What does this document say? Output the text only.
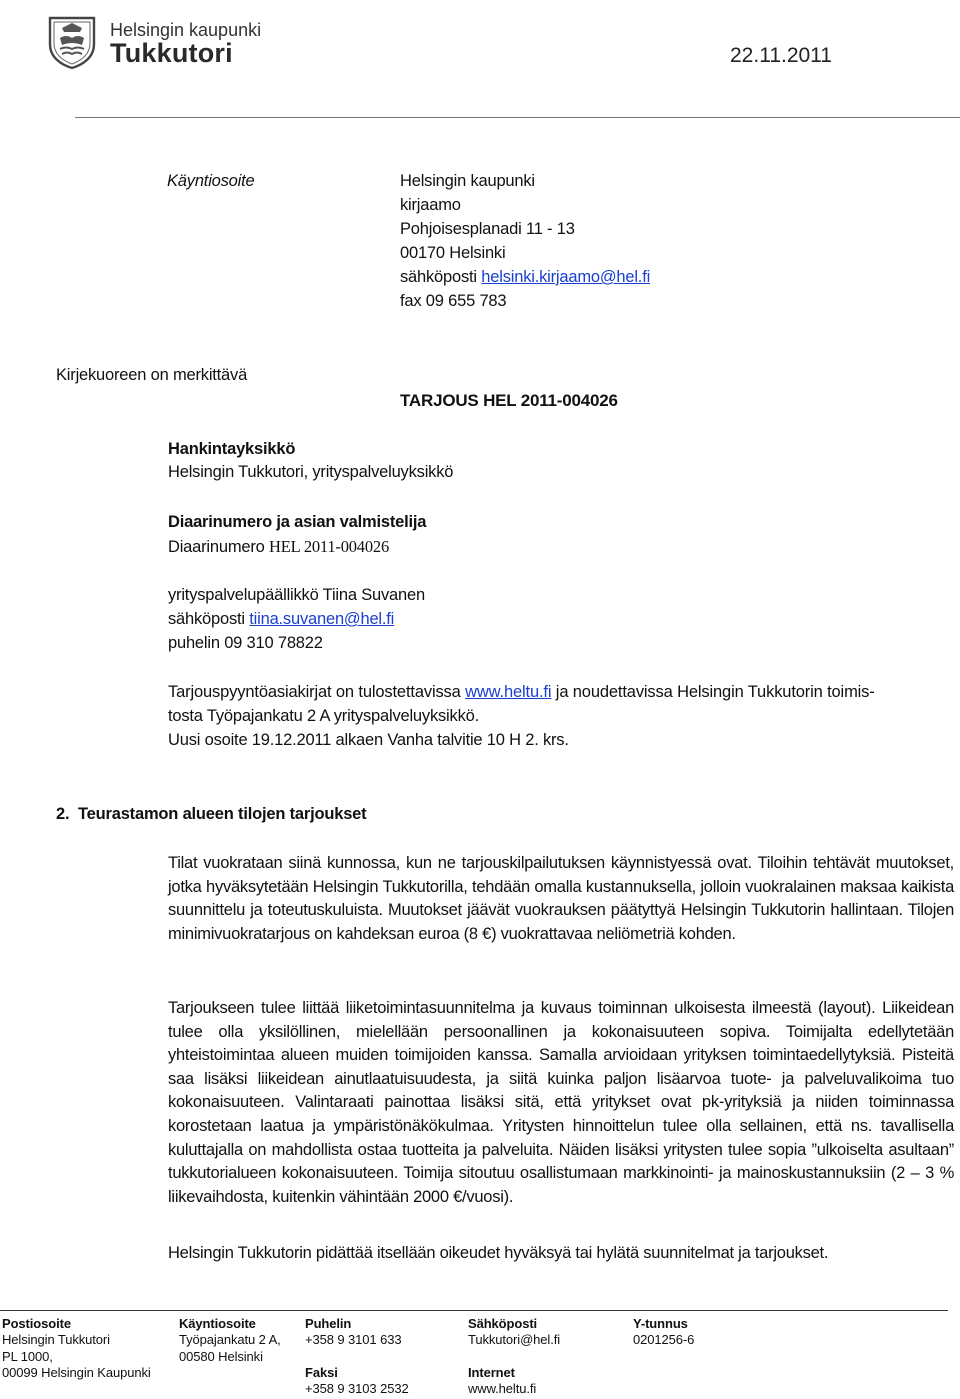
Helsingin kaupunki
Tukkutori	22.11.2011
Käyntiosoite	Helsingin kaupunki
kirjaamo
Pohjoisesplanadi 11 - 13
00170 Helsinki
sähköposti helsinki.kirjaamo@hel.fi
fax 09 655 783
Kirjekuoreen on merkittävä
TARJOUS HEL 2011-004026
Hankintayksikkö
Helsingin Tukkutori, yrityspalveluyksikkö
Diaarinumero ja asian valmistelija
Diaarinumero HEL 2011-004026
yrityspalvelupäällikkö Tiina Suvanen
sähköposti tiina.suvanen@hel.fi
puhelin 09 310 78822
Tarjouspyyntöasiakirjat on tulostettavissa www.heltu.fi ja noudettavissa Helsingin Tukkutorin toimis-
tosta Työpajankatu 2 A yrityspalveluyksikkö.
Uusi osoite 19.12.2011 alkaen Vanha talvitie 10 H 2. krs.
2. Teurastamon alueen tilojen tarjoukset
Tilat vuokrataan siinä kunnossa, kun ne tarjouskilpailutuksen käynnistyessä ovat. Tiloihin tehtävät muutokset, jotka hyväksytetään Helsingin Tukkutorilla, tehdään omalla kustannuksella, jolloin vuokralainen maksaa kaikista suunnittelu ja toteutuskuluista. Muutokset jäävät vuokrauksen päätyttyä Helsingin Tukkutorin hallintaan. Tilojen minimivuokratarjous on kahdeksan euroa (8 €) vuokrattavaa neliömetriä kohden.
Tarjoukseen tulee liittää liiketoimintasuunnitelma ja kuvaus toiminnan ulkoisesta ilmeestä (layout). Liikeidean tulee olla yksilöllinen, mielellään persoonallinen ja kokonaisuuteen sopiva. Toimijalta edellytetään yhteistoimintaa alueen muiden toimijoiden kanssa. Samalla arvioidaan yrityksen toimintaedellytyksiä. Pisteitä saa lisäksi liikeidean ainutlaatuisuudesta, ja siitä kuinka paljon lisäarvoa tuote- ja palveluvalikoima tuo kokonaisuuteen. Valintaraati painottaa lisäksi sitä, että yritykset ovat pk-yrityksiä ja niiden toiminnassa korostetaan laatua ja ympäristönäkökulmaa. Yritysten hinnoittelun tulee olla sellainen, että ns. tavallisella kuluttajalla on mahdollista ostaa tuotteita ja palveluita. Näiden lisäksi yritysten tulee sopia ”ulkoiselta asultaan” tukkutorialueen kokonaisuuteen. Toimija sitoutuu osallistumaan markkinointi- ja mainoskustannuksiin (2 – 3 % liikevaihdosta, kuitenkin vähintään 2000 €/vuosi).
Helsingin Tukkutorin pidättää itsellään oikeudet hyväksyä tai hylätä suunnitelmat ja tarjoukset.
Postiosoite
Helsingin Tukkutori
PL 1000,
00099 Helsingin Kaupunki
Käyntiosoite
Työpajankatu 2 A,
00580 Helsinki
Puhelin
+358 9 3101 633
Faksi
+358 9 3103 2532
Sähköposti
Tukkutori@hel.fi
Internet
www.heltu.fi
Y-tunnus
0201256-6
